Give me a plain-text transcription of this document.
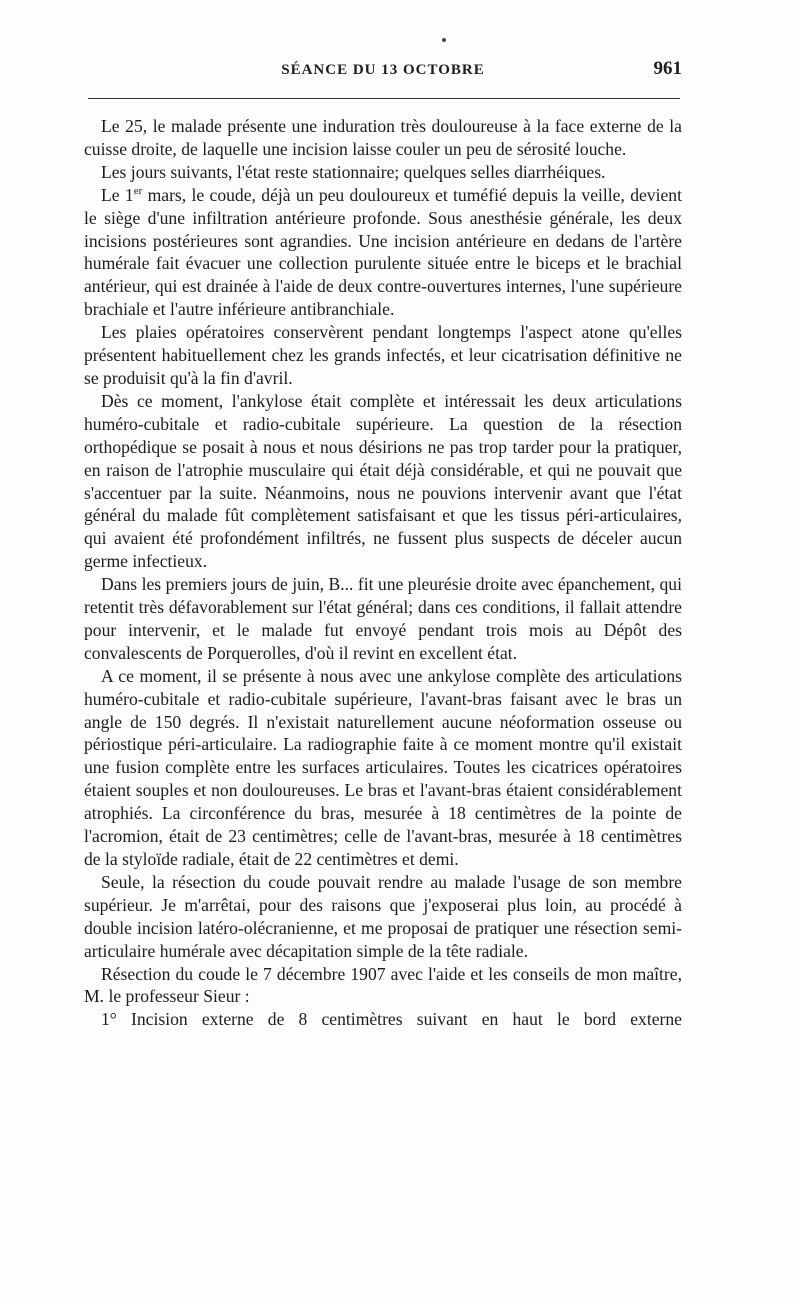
SÉANCE DU 13 OCTOBRE	961

Le 25, le malade présente une induration très douloureuse à la face externe de la cuisse droite, de laquelle une incision laisse couler un peu de sérosité louche.

Les jours suivants, l'état reste stationnaire; quelques selles diarrhéiques.

Le 1er mars, le coude, déjà un peu douloureux et tuméfié depuis la veille, devient le siège d'une infiltration antérieure profonde. Sous anesthésie générale, les deux incisions postérieures sont agrandies. Une incision antérieure en dedans de l'artère humérale fait évacuer une collection purulente située entre le biceps et le brachial antérieur, qui est drainée à l'aide de deux contre-ouvertures internes, l'une supérieure brachiale et l'autre inférieure antibranchiale.

Les plaies opératoires conservèrent pendant longtemps l'aspect atone qu'elles présentent habituellement chez les grands infectés, et leur cicatrisation définitive ne se produisit qu'à la fin d'avril.

Dès ce moment, l'ankylose était complète et intéressait les deux articulations huméro-cubitale et radio-cubitale supérieure. La question de la résection orthopédique se posait à nous et nous désirions ne pas trop tarder pour la pratiquer, en raison de l'atrophie musculaire qui était déjà considérable, et qui ne pouvait que s'accentuer par la suite. Néanmoins, nous ne pouvions intervenir avant que l'état général du malade fût complètement satisfaisant et que les tissus péri-articulaires, qui avaient été profondément infiltrés, ne fussent plus suspects de déceler aucun germe infectieux.

Dans les premiers jours de juin, B... fit une pleurésie droite avec épanchement, qui retentit très défavorablement sur l'état général; dans ces conditions, il fallait attendre pour intervenir, et le malade fut envoyé pendant trois mois au Dépôt des convalescents de Porquerolles, d'où il revint en excellent état.

A ce moment, il se présente à nous avec une ankylose complète des articulations huméro-cubitale et radio-cubitale supérieure, l'avant-bras faisant avec le bras un angle de 150 degrés. Il n'existait naturellement aucune néoformation osseuse ou périostique péri-articulaire. La radiographie faite à ce moment montre qu'il existait une fusion complète entre les surfaces articulaires. Toutes les cicatrices opératoires étaient souples et non douloureuses. Le bras et l'avant-bras étaient considérablement atrophiés. La circonférence du bras, mesurée à 18 centimètres de la pointe de l'acromion, était de 23 centimètres; celle de l'avant-bras, mesurée à 18 centimètres de la styloïde radiale, était de 22 centimètres et demi.

Seule, la résection du coude pouvait rendre au malade l'usage de son membre supérieur. Je m'arrêtai, pour des raisons que j'exposerai plus loin, au procédé à double incision latéro-olécranienne, et me proposai de pratiquer une résection semi-articulaire humérale avec décapitation simple de la tête radiale.

Résection du coude le 7 décembre 1907 avec l'aide et les conseils de mon maître, M. le professeur Sieur :

1° Incision externe de 8 centimètres suivant en haut le bord externe
